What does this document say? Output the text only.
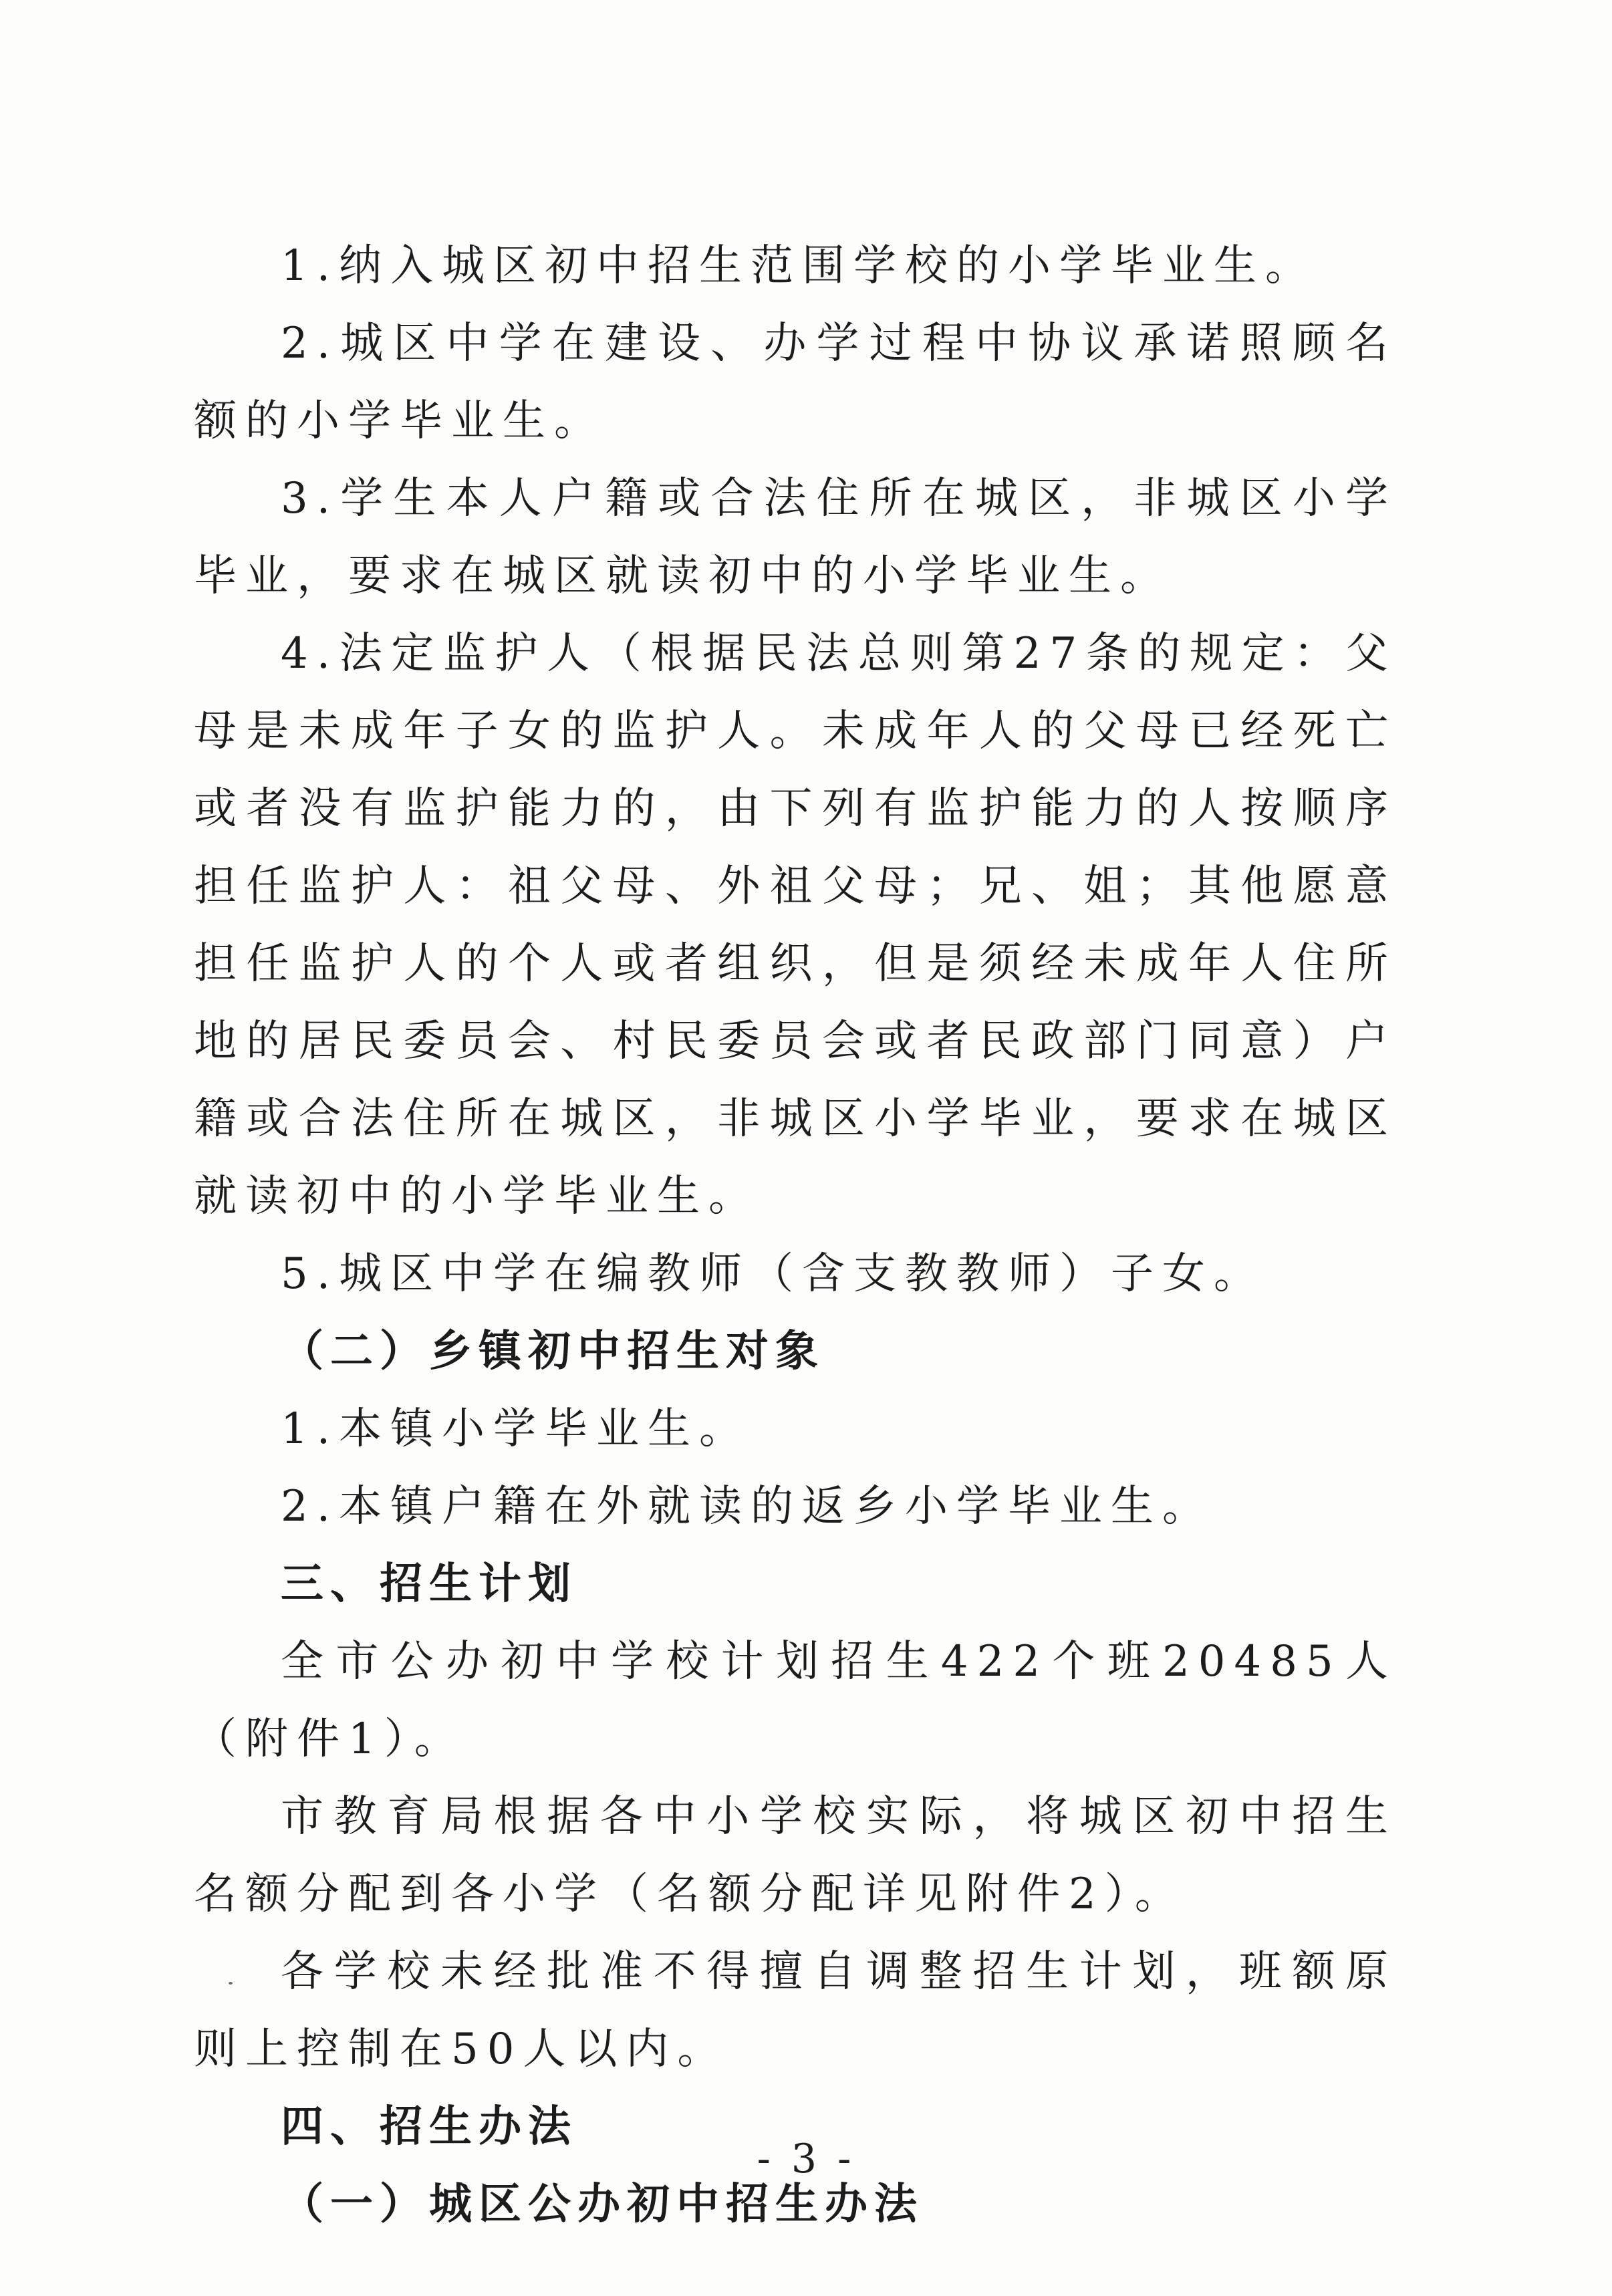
1.纳入城区初中招生范围学校的小学毕业生。

2.城区中学在建设、办学过程中协议承诺照顾名额的小学毕业生。

3.学生本人户籍或合法住所在城区，非城区小学毕业，要求在城区就读初中的小学毕业生。

4.法定监护人（根据民法总则第27条的规定：父母是未成年子女的监护人。未成年人的父母已经死亡或者没有监护能力的，由下列有监护能力的人按顺序担任监护人：祖父母、外祖父母；兄、姐；其他愿意担任监护人的个人或者组织，但是须经未成年人住所地的居民委员会、村民委员会或者民政部门同意）户籍或合法住所在城区，非城区小学毕业，要求在城区就读初中的小学毕业生。

5.城区中学在编教师（含支教教师）子女。

（二）乡镇初中招生对象

1.本镇小学毕业生。

2.本镇户籍在外就读的返乡小学毕业生。

三、招生计划

全市公办初中学校计划招生422个班20485人（附件1）。

市教育局根据各中小学校实际，将城区初中招生名额分配到各小学（名额分配详见附件2）。

各学校未经批准不得擅自调整招生计划，班额原则上控制在50人以内。

四、招生办法

（一）城区公办初中招生办法

- 3 -
